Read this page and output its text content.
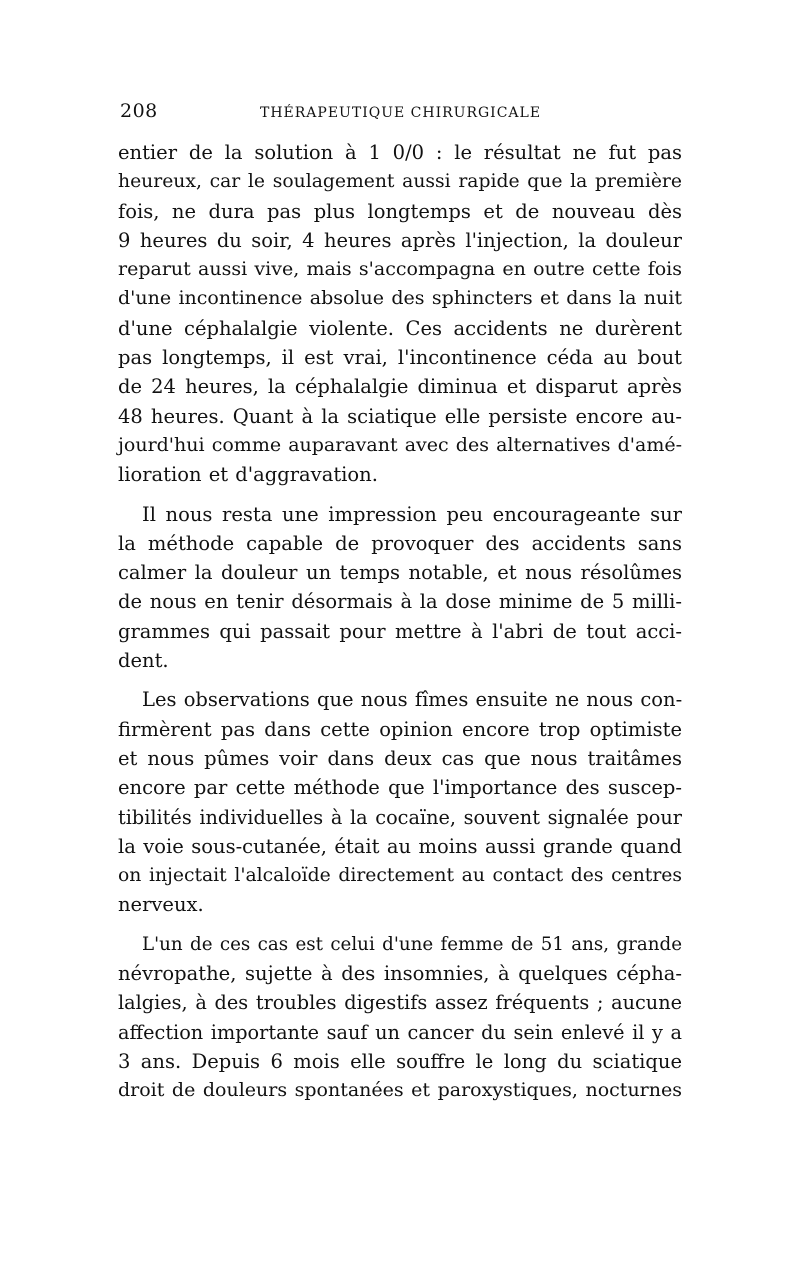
208	THÉRAPEUTIQUE CHIRURGICALE
entier de la solution à 1 0/0 : le résultat ne fut pas
heureux, car le soulagement aussi rapide que la première
fois, ne dura pas plus longtemps et de nouveau dès
9 heures du soir, 4 heures après l'injection, la douleur
reparut aussi vive, mais s'accompagna en outre cette fois
d'une incontinence absolue des sphincters et dans la nuit
d'une céphalalgie violente. Ces accidents ne durèrent
pas longtemps, il est vrai, l'incontinence céda au bout
de 24 heures, la céphalalgie diminua et disparut après
48 heures. Quant à la sciatique elle persiste encore au-
jourd'hui comme auparavant avec des alternatives d'amé-
lioration et d'aggravation.
Il nous resta une impression peu encourageante sur
la méthode capable de provoquer des accidents sans
calmer la douleur un temps notable, et nous résolûmes
de nous en tenir désormais à la dose minime de 5 milli-
grammes qui passait pour mettre à l'abri de tout acci-
dent.
Les observations que nous fîmes ensuite ne nous con-
firmèrent pas dans cette opinion encore trop optimiste
et nous pûmes voir dans deux cas que nous traitâmes
encore par cette méthode que l'importance des suscep-
tibilités individuelles à la cocaïne, souvent signalée pour
la voie sous-cutanée, était au moins aussi grande quand
on injectait l'alcaloïde directement au contact des centres
nerveux.
L'un de ces cas est celui d'une femme de 51 ans, grande
névropathe, sujette à des insomnies, à quelques cépha-
lalgies, à des troubles digestifs assez fréquents ; aucune
affection importante sauf un cancer du sein enlevé il y a
3 ans. Depuis 6 mois elle souffre le long du sciatique
droit de douleurs spontanées et paroxystiques, nocturnes
